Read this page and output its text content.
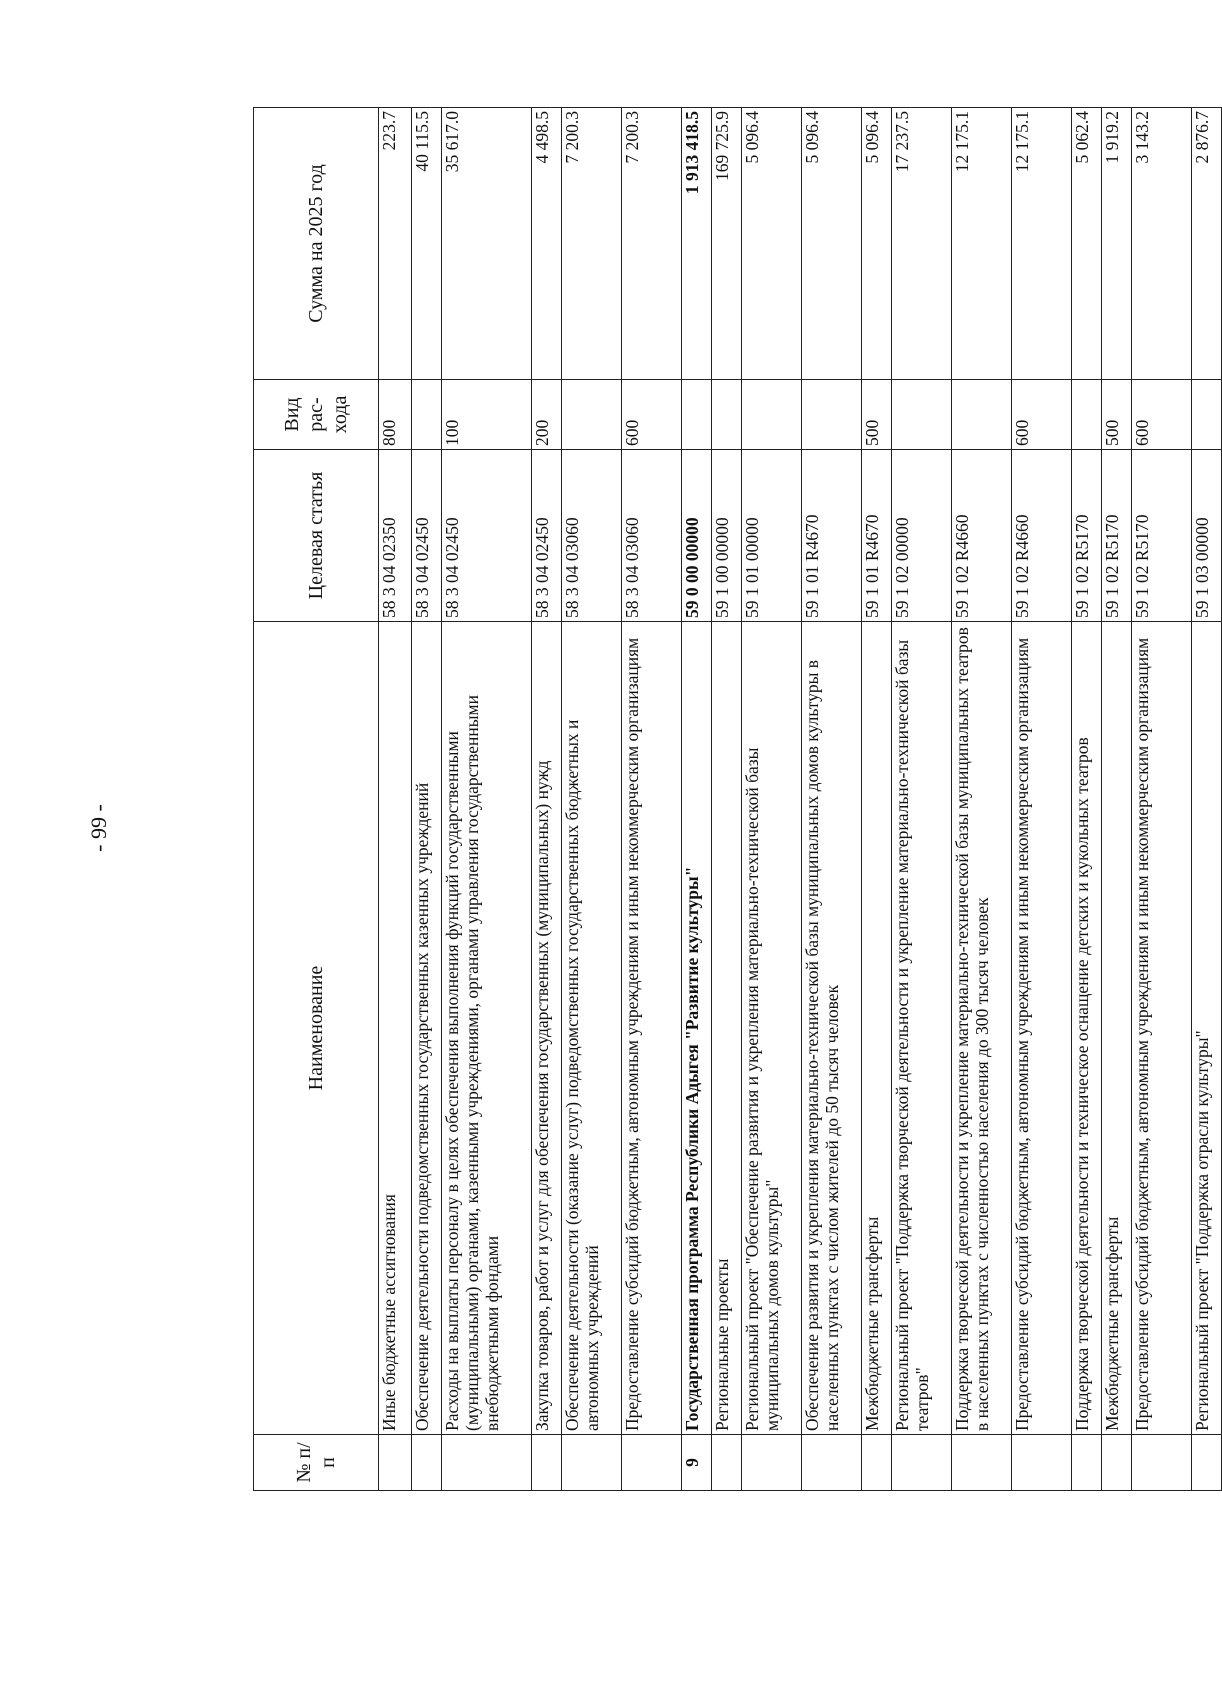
- 99 -
№ п/п	Наименование	Целевая статья	Вид рас-хода	Сумма на 2025 год
	Иные бюджетные ассигнования	58 3 04 02350	800	223.7
	Обеспечение деятельности подведомственных государственных казенных учреждений	58 3 04 02450		40 115.5
	Расходы на выплаты персоналу в целях обеспечения выполнения функций государственными (муниципальными) органами, казенными учреждениями, органами управления государственными внебюджетными фондами	58 3 04 02450	100	35 617.0
	Закупка товаров, работ и услуг для обеспечения государственных (муниципальных) нужд	58 3 04 02450	200	4 498.5
	Обеспечение деятельности (оказание услуг) подведомственных государственных бюджетных и автономных учреждений	58 3 04 03060		7 200.3
	Предоставление субсидий бюджетным, автономным учреждениям и иным некоммерческим организациям	58 3 04 03060	600	7 200.3
9	Государственная программа Республики Адыгея "Развитие культуры"	59 0 00 00000		1 913 418.5
	Региональные проекты	59 1 00 00000		169 725.9
	Региональный проект "Обеспечение развития и укрепления материально-технической базы муниципальных домов культуры"	59 1 01 00000		5 096.4
	Обеспечение развития и укрепления материально-технической базы муниципальных домов культуры в населенных пунктах с числом жителей до 50 тысяч человек	59 1 01 R4670		5 096.4
	Межбюджетные трансферты	59 1 01 R4670	500	5 096.4
	Региональный проект "Поддержка творческой деятельности и укрепление материально-технической базы театров"	59 1 02 00000		17 237.5
	Поддержка творческой деятельности и укрепление материально-технической базы муниципальных театров в населенных пунктах с численностью населения до 300 тысяч человек	59 1 02 R4660		12 175.1
	Предоставление субсидий бюджетным, автономным учреждениям и иным некоммерческим организациям	59 1 02 R4660	600	12 175.1
	Поддержка творческой деятельности и техническое оснащение детских и кукольных театров	59 1 02 R5170		5 062.4
	Межбюджетные трансферты	59 1 02 R5170	500	1 919.2
	Предоставление субсидий бюджетным, автономным учреждениям и иным некоммерческим организациям	59 1 02 R5170	600	3 143.2
	Региональный проект "Поддержка отрасли культуры"	59 1 03 00000		2 876.7
